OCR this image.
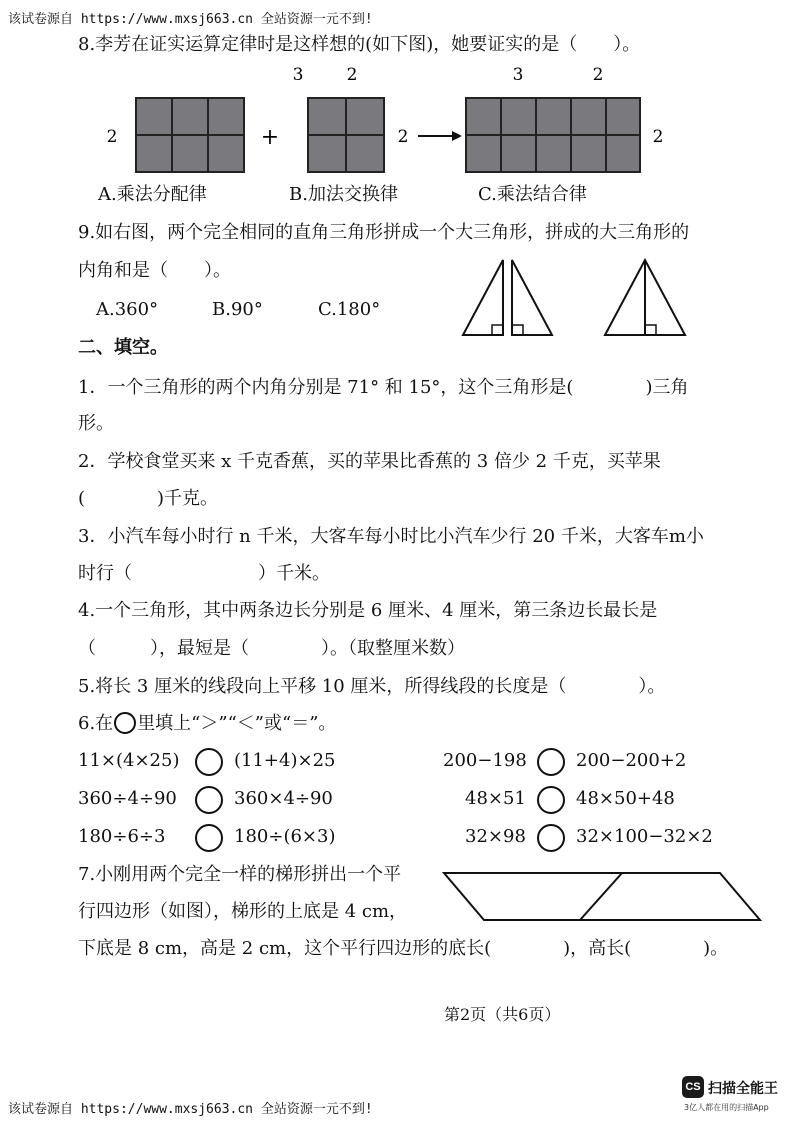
该试卷源自 https://www.mxsj663.cn 全站资源一元不到!
8.李芳在证实运算定律时是这样想的(如下图)，她要证实的是（　　）。
3
2	+
2
2
3	2
2
A.乘法分配律	B.加法交换律	C.乘法结合律
9.如右图，两个完全相同的直角三角形拼成一个大三角形，拼成的大三角形的
内角和是（　　）。
A.360°	B.90°	C.180°
二、填空。
1．一个三角形的两个内角分别是 71° 和 15°，这个三角形是(　　　　)三角
形。
2．学校食堂买来 x 千克香蕉，买的苹果比香蕉的 3 倍少 2 千克，买苹果
(　　　　)千克。
3．小汽车每小时行 n 千米，大客车每小时比小汽车少行 20 千米，大客车m小
时行（　　　　　　　）千米。
4.一个三角形，其中两条边长分别是 6 厘米、4 厘米，第三条边长最长是
（　　　），最短是（　　　　）。（取整厘米数）
5.将长 3 厘米的线段向上平移 10 厘米，所得线段的长度是（　　　　）。
6.在 里填上“＞”“＜”或“＝”。
11×(4×25)	(11+4)×25	200−198	200−200+2
360÷4÷90	360×4÷90	48×51	48×50+48
180÷6÷3	180÷(6×3)	32×98	32×100−32×2
7.小刚用两个完全一样的梯形拼出一个平
行四边形（如图），梯形的上底是 4 cm，
下底是 8 cm，高是 2 cm，这个平行四边形的底长(　　　　)，高长(　　　　)。
第2页（共6页）
该试卷源自 https://www.mxsj663.cn 全站资源一元不到!
CS 扫描全能王
3亿人都在用的扫描App
